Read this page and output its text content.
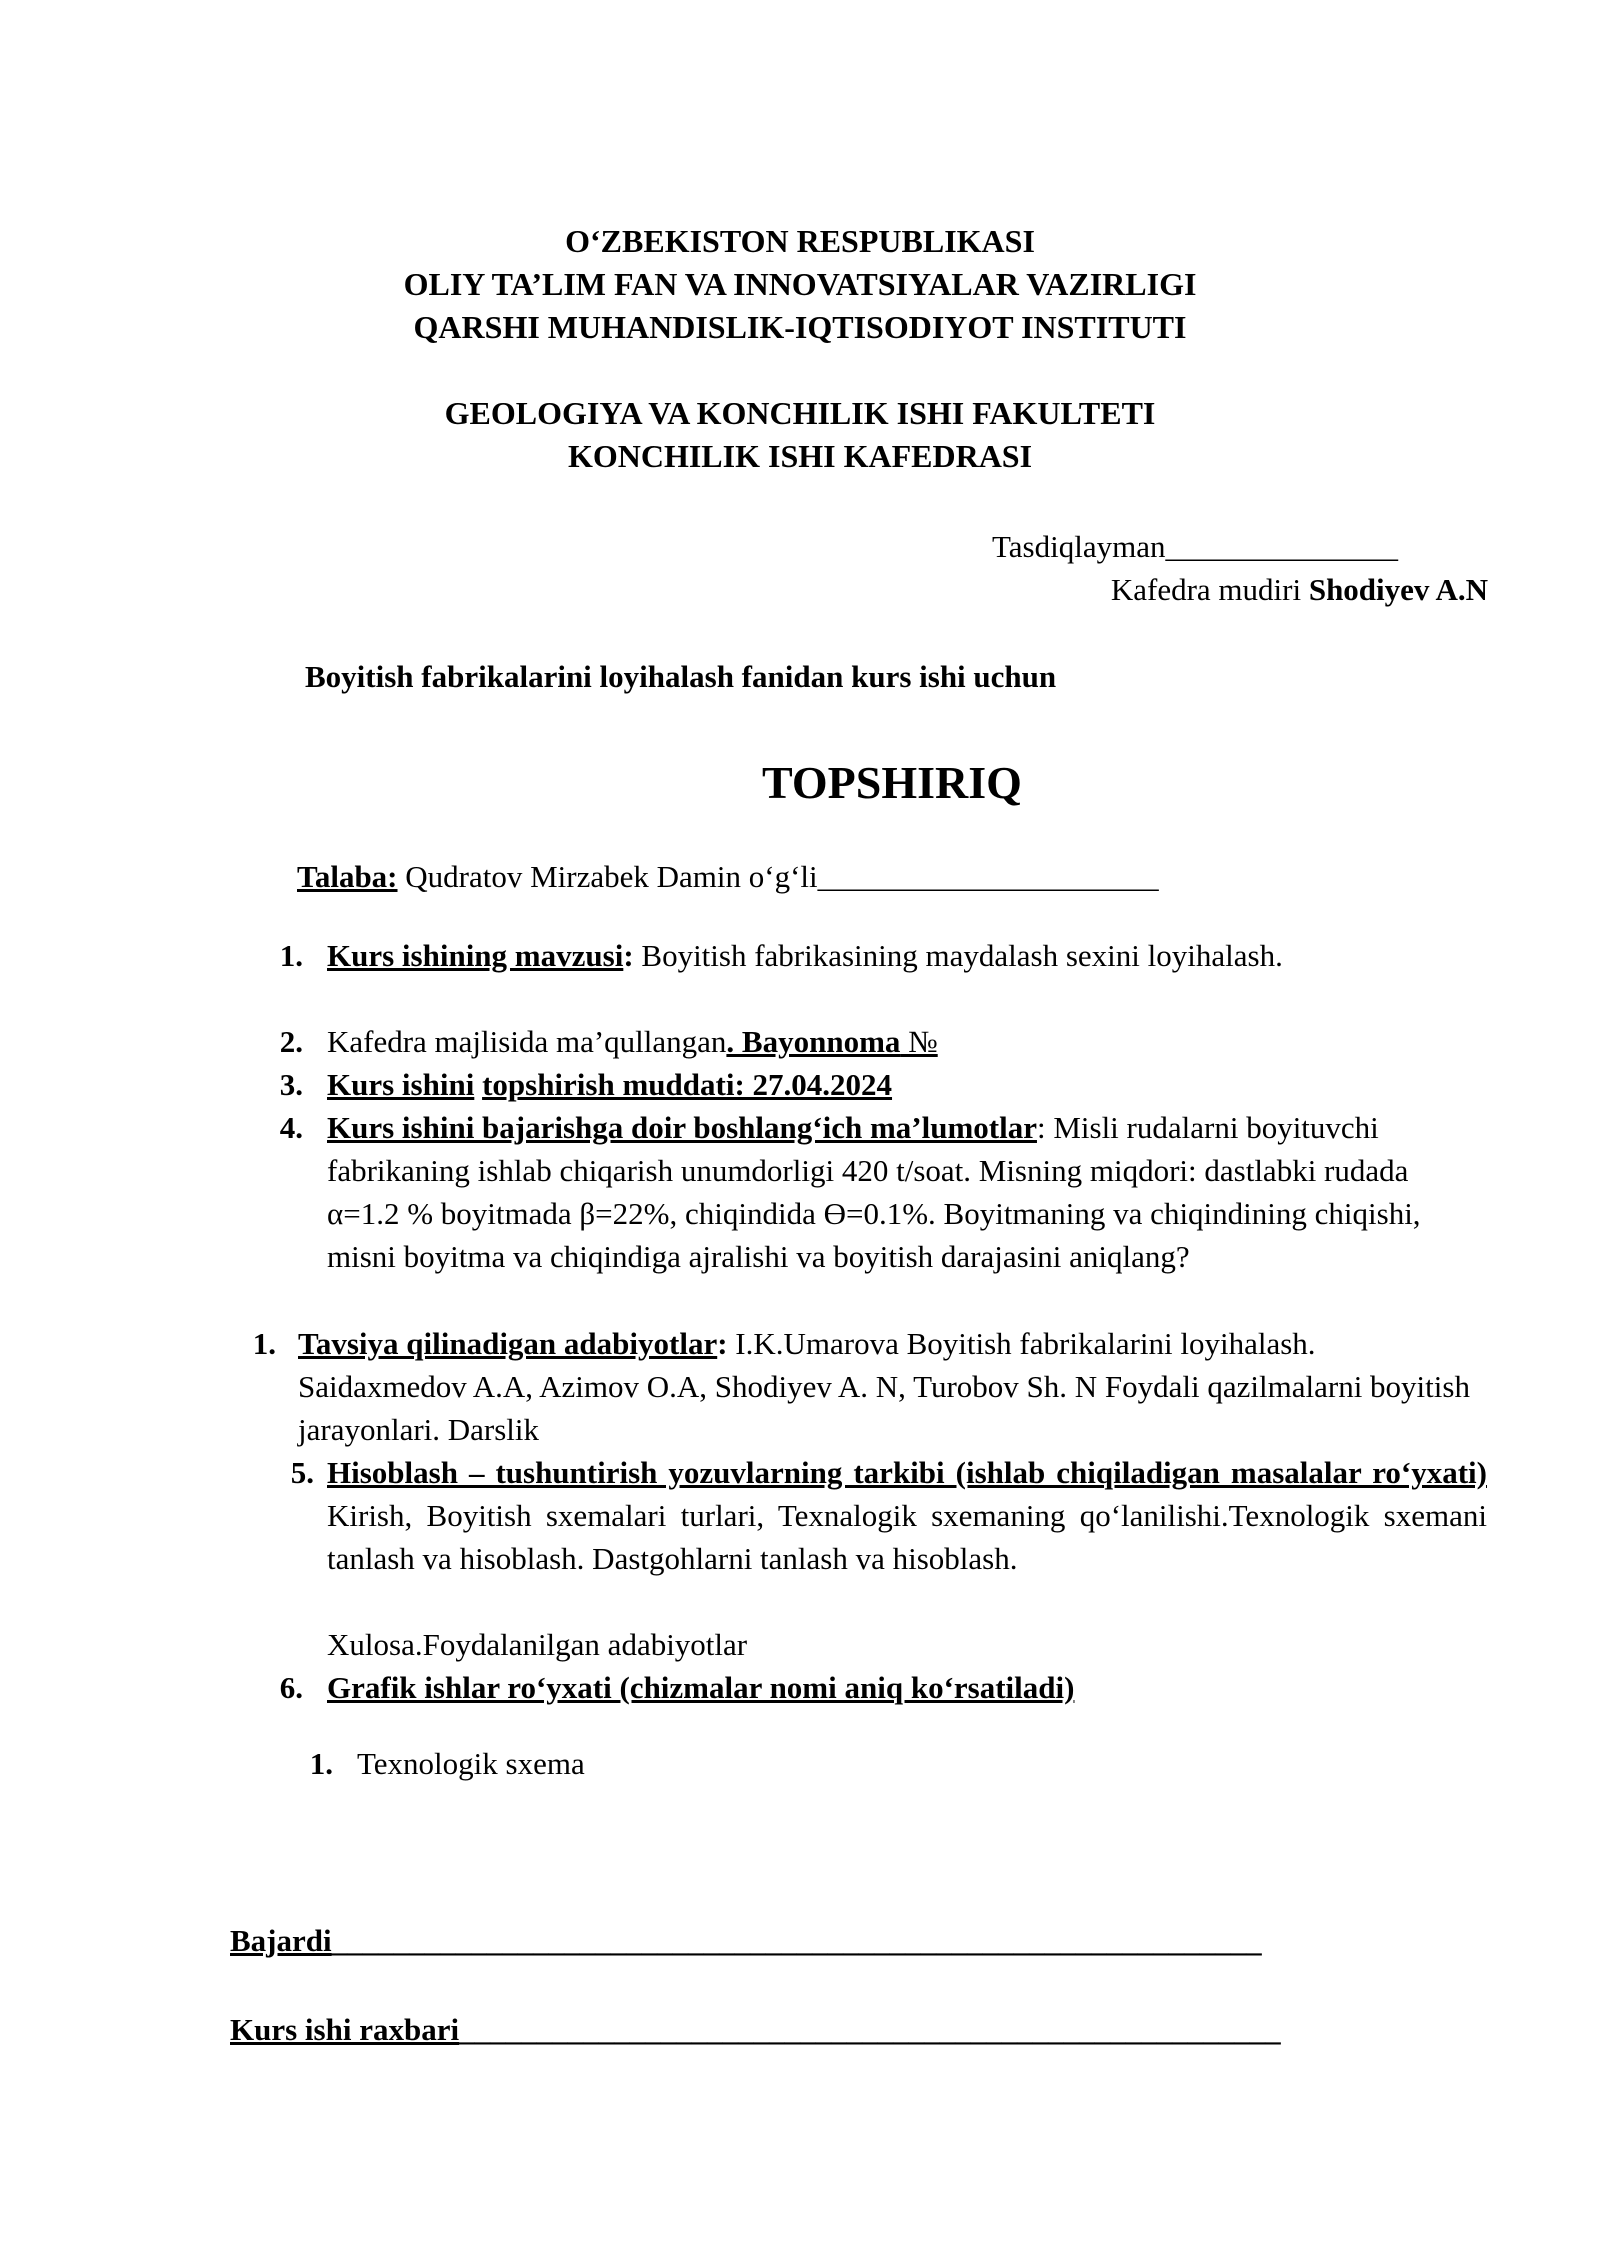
O‘ZBEKISTON RESPUBLIKASI
OLIY TA’LIM FAN VA INNOVATSIYALAR VAZIRLIGI
QARSHI MUHANDISLIK-IQTISODIYOT INSTITUTI
GEOLOGIYA VA KONCHILIK ISHI FAKULTETI
KONCHILIK ISHI KAFEDRASI
Tasdiqlayman_______________
Kafedra mudiri Shodiyev A.N
Boyitish fabrikalarini loyihalash fanidan kurs ishi uchun
TOPSHIRIQ
Talaba: Qudratov Mirzabek Damin o‘g‘li______________________
1. Kurs ishining mavzusi: Boyitish fabrikasining maydalash sexini loyihalash.
2. Kafedra majlisida ma’qullangan. Bayonnoma №
3. Kurs ishini topshirish muddati: 27.04.2024
4. Kurs ishini bajarishga doir boshlang‘ich ma’lumotlar: Misli rudalarni boyituvchi fabrikaning ishlab chiqarish unumdorligi 420 t/soat. Misning miqdori: dastlabki rudada α=1.2 % boyitmada β=22%, chiqindida Ɵ=0.1%. Boyitmaning va chiqindining chiqishi, misni boyitma va chiqindiga ajralishi va boyitish darajasini aniqlang?
1. Tavsiya qilinadigan adabiyotlar: I.K.Umarova Boyitish fabrikalarini loyihalash. Saidaxmedov A.A, Azimov O.A, Shodiyev A. N, Turobov Sh. N Foydali qazilmalarni boyitish jarayonlari. Darslik
5. Hisoblash – tushuntirish yozuvlarning tarkibi (ishlab chiqiladigan masalalar ro‘yxati) Kirish, Boyitish sxemalari turlari, Texnalogik sxemaning qo‘lanilishi.Texnologik sxemani tanlash va hisoblash. Dastgohlarni tanlash va hisoblash.
Xulosa.Foydalanilgan adabiyotlar
6. Grafik ishlar ro‘yxati (chizmalar nomi aniq ko‘rsatiladi)
1. Texnologik sxema
Bajardi____________________________________________________________
Kurs ishi raxbari_____________________________________________________
